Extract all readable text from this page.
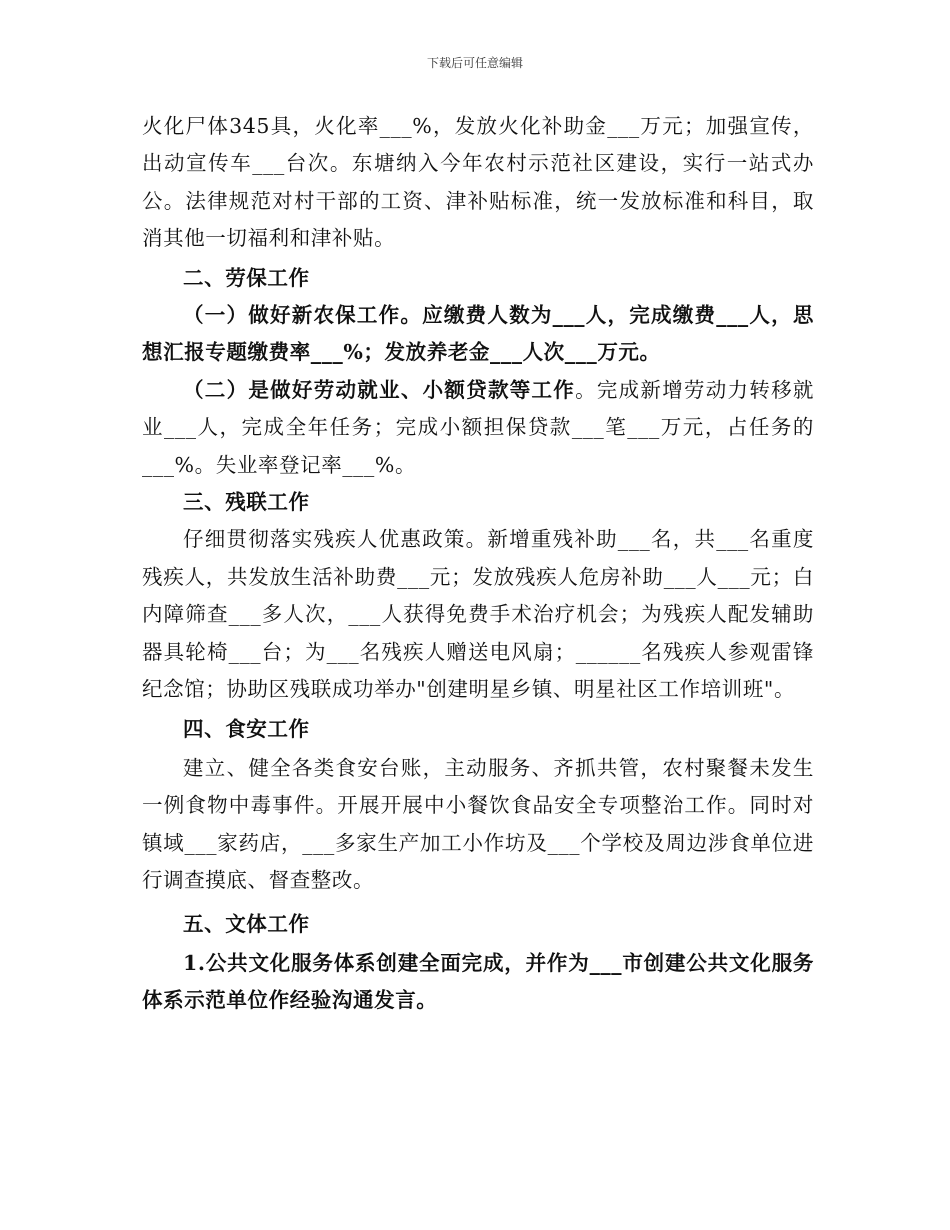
下载后可任意编辑

火化尸体345具，火化率___%，发放火化补助金___万元；加强宣传，出动宣传车___台次。东塘纳入今年农村示范社区建设，实行一站式办公。法律规范对村干部的工资、津补贴标准，统一发放标准和科目，取消其他一切福利和津补贴。

二、劳保工作

（一）做好新农保工作。应缴费人数为___人，完成缴费___人，思想汇报专题缴费率___%；发放养老金___人次___万元。

（二）是做好劳动就业、小额贷款等工作。完成新增劳动力转移就业___人，完成全年任务；完成小额担保贷款___笔___万元，占任务的___%。失业率登记率___%。

三、残联工作

仔细贯彻落实残疾人优惠政策。新增重残补助___名，共___名重度残疾人，共发放生活补助费___元；发放残疾人危房补助___人___元；白内障筛查___多人次，___人获得免费手术治疗机会；为残疾人配发辅助器具轮椅___台；为___名残疾人赠送电风扇；______名残疾人参观雷锋纪念馆；协助区残联成功举办"创建明星乡镇、明星社区工作培训班"。

四、食安工作

建立、健全各类食安台账，主动服务、齐抓共管，农村聚餐未发生一例食物中毒事件。开展开展中小餐饮食品安全专项整治工作。同时对镇域___家药店，___多家生产加工小作坊及___个学校及周边涉食单位进行调查摸底、督查整改。

五、文体工作

1.公共文化服务体系创建全面完成，并作为___市创建公共文化服务体系示范单位作经验沟通发言。
